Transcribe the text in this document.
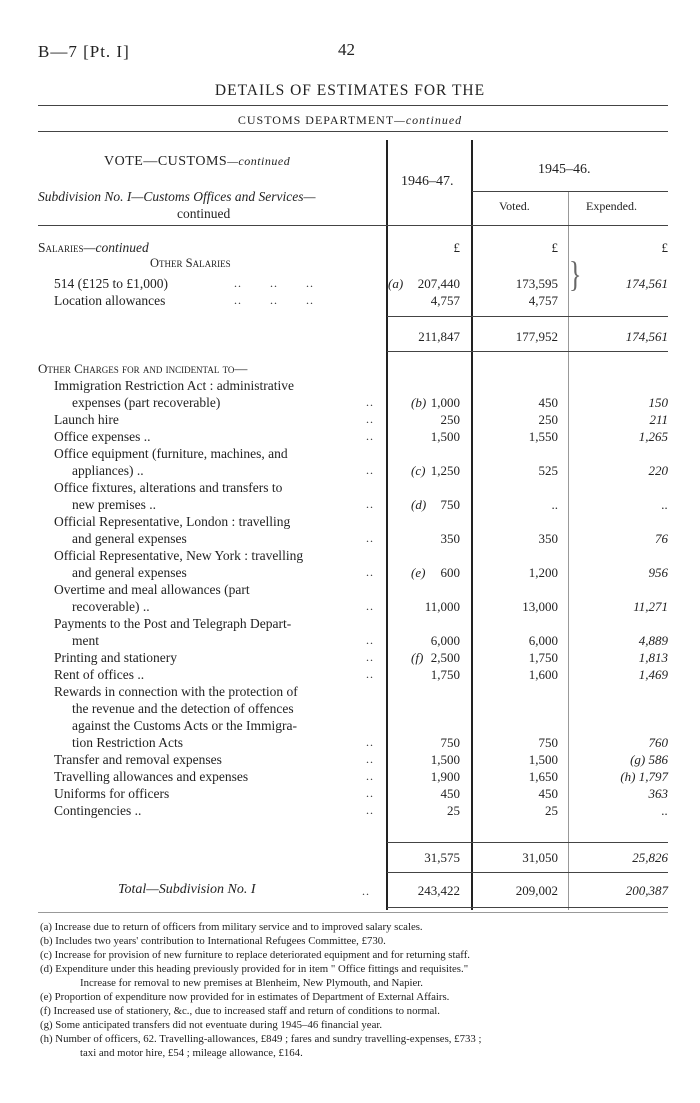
B—7 [Pt. I]	42
DETAILS OF ESTIMATES FOR THE
CUSTOMS DEPARTMENT—continued
VOTE—CUSTOMS—continued
Subdivision No. I—Customs Offices and Services—
continued
1946–47.
1945–46.
Voted.	Expended.
Salaries—continued	£	£	£
Other Salaries
514 (£125 to £1,000)	..       ..       ..	(a) 207,440	173,595	174,561
}
Location allowances	..       ..       ..	4,757	4,757
211,847	177,952	174,561
Other Charges for and incidental to—
Immigration Restriction Act : administrative
expenses (part recoverable)	..	(b) 1,000	450	150
Launch hire	..	250	250	211
Office expenses ..	..	1,500	1,550	1,265
Office equipment (furniture, machines, and
appliances) ..	..	(c) 1,250	525	220
Office fixtures, alterations and transfers to
new premises ..	..	(d) 750	..	..
Official Representative, London : travelling
and general expenses	..	350	350	76
Official Representative, New York : travelling
and general expenses	..	(e) 600	1,200	956
Overtime and meal allowances (part
recoverable) ..	..	11,000	13,000	11,271
Payments to the Post and Telegraph Depart-
ment	..	6,000	6,000	4,889
Printing and stationery	..	(f) 2,500	1,750	1,813
Rent of offices ..	..	1,750	1,600	1,469
Rewards in connection with the protection of
the revenue and the detection of offences
against the Customs Acts or the Immigra-
tion Restriction Acts	..	750	750	760
Transfer and removal expenses	..	1,500	1,500	(g) 586
Travelling allowances and expenses	..	1,900	1,650	(h) 1,797
Uniforms for officers	..	450	450	363
Contingencies ..	..	25	25	..
31,575	31,050	25,826
Total—Subdivision No. I	..	243,422	209,002	200,387
(a) Increase due to return of officers from military service and to improved salary scales.
(b) Includes two years' contribution to International Refugees Committee, £730.
(c) Increase for provision of new furniture to replace deteriorated equipment and for returning staff.
(d) Expenditure under this heading previously provided for in item " Office fittings and requisites."
Increase for removal to new premises at Blenheim, New Plymouth, and Napier.
(e) Proportion of expenditure now provided for in estimates of Department of External Affairs.
(f) Increased use of stationery, &c., due to increased staff and return of conditions to normal.
(g) Some anticipated transfers did not eventuate during 1945–46 financial year.
(h) Number of officers, 62. Travelling-allowances, £849 ; fares and sundry travelling-expenses, £733 ;
taxi and motor hire, £54 ; mileage allowance, £164.
